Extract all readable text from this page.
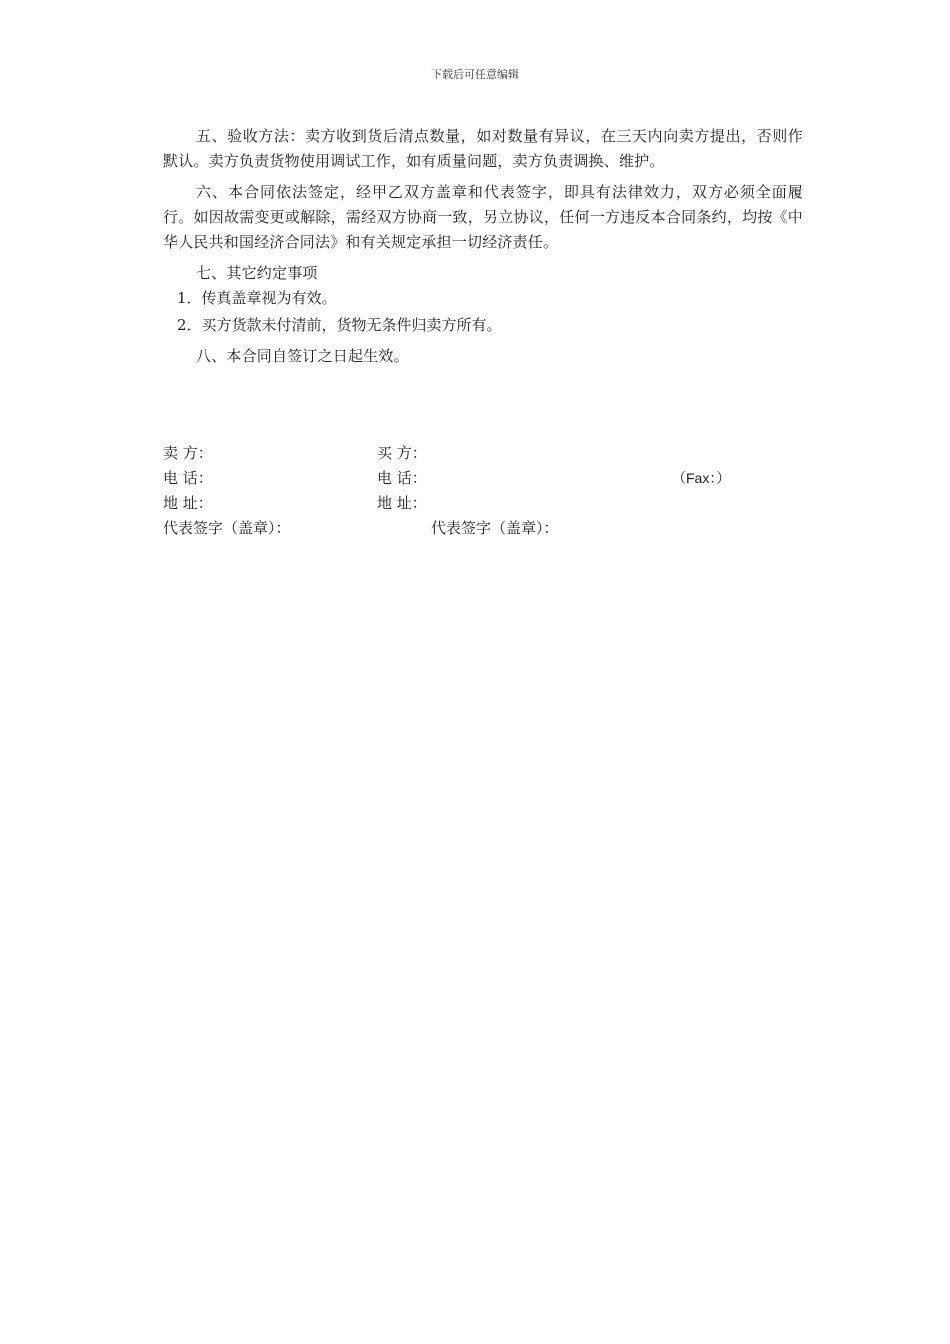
下载后可任意编辑

五、验收方法：卖方收到货后清点数量，如对数量有异议，在三天内向卖方提出，否则作默认。卖方负责货物使用调试工作，如有质量问题，卖方负责调换、维护。

六、本合同依法签定，经甲乙双方盖章和代表签字，即具有法律效力，双方必须全面履行。如因故需变更或解除，需经双方协商一致，另立协议，任何一方违反本合同条约，均按《中华人民共和国经济合同法》和有关规定承担一切经济责任。

七、其它约定事项

1．传真盖章视为有效。

2．买方货款未付清前，货物无条件归卖方所有。

八、本合同自签订之日起生效。

卖 方：
电 话：
地 址：
代表签字（盖章）：
买 方：
电 话：	（Fax：）
地 址：
代表签字（盖章）：
